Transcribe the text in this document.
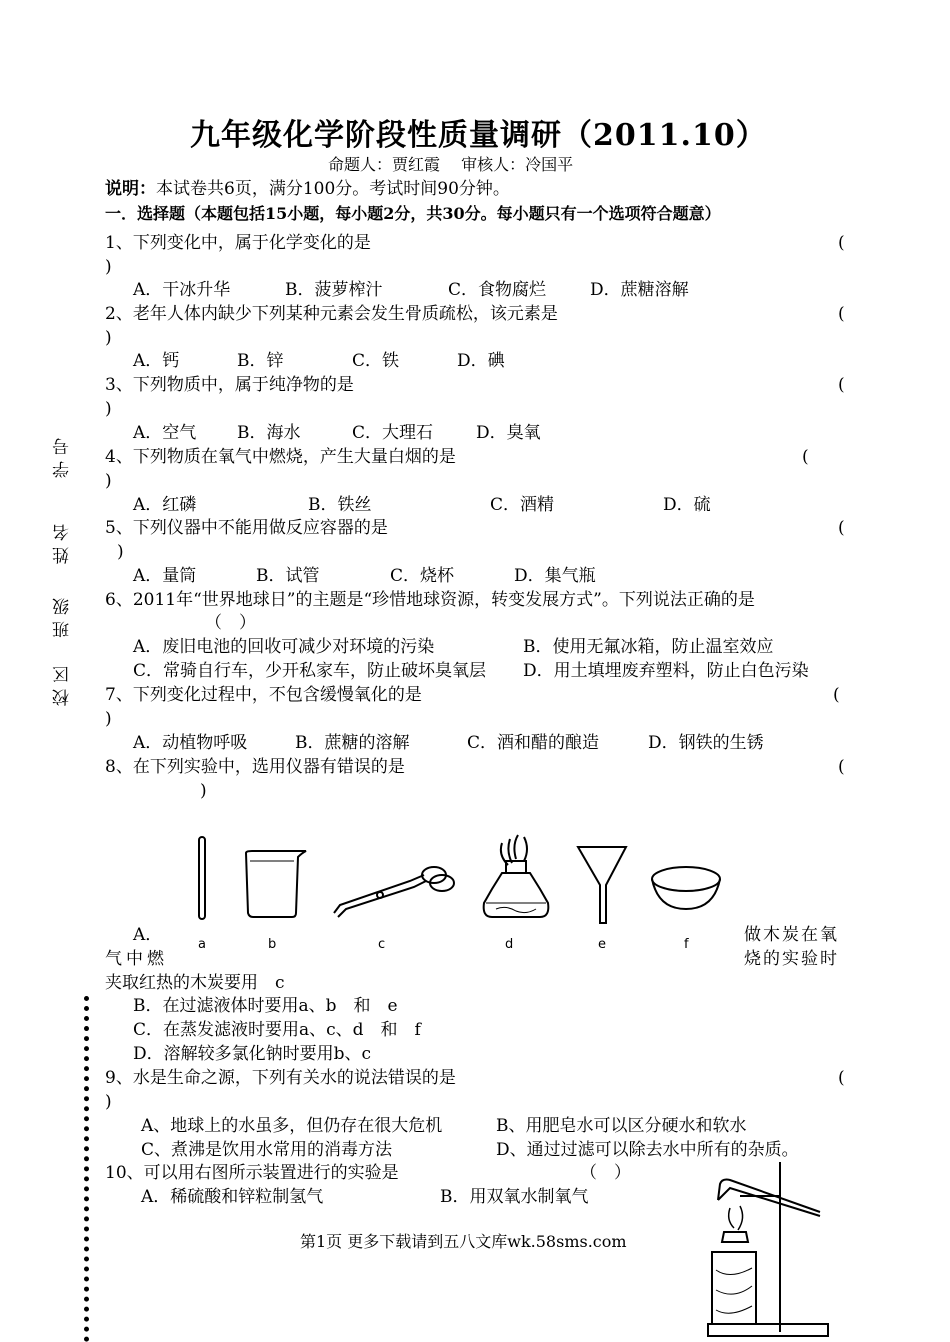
九年级化学阶段性质量调研（2011.10）
命题人：贾红霞　 审核人：冷国平
说明：本试卷共6页，满分100分。考试时间90分钟。
一．选择题（本题包括15小题，每小题2分，共30分。每小题只有一个选项符合题意）
学号
姓名
班级
校区
1、下列变化中，属于化学变化的是	(
)
A．干冰升华	B．菠萝榨汁	C．食物腐烂	D．蔗糖溶解
2、老年人体内缺少下列某种元素会发生骨质疏松，该元素是	(
)
A．钙	B．锌	C．铁	D．碘
3、下列物质中，属于纯净物的是	(
)
A．空气 B．海水	C．大理石	D．臭氧
4、下列物质在氧气中燃烧，产生大量白烟的是	(
)
A．红磷	B．铁丝	C．酒精	D．硫
5、下列仪器中不能用做反应容器的是	(
)
A．量筒	B．试管	C．烧杯	D．集气瓶
6、2011年“世界地球日”的主题是“珍惜地球资源，转变发展方式”。下列说法正确的是
（　）
A．废旧电池的回收可减少对环境的污染	B．使用无氟冰箱，防止温室效应
C．常骑自行车，少开私家车，防止破坏臭氧层 D．用土填埋废弃塑料，防止白色污染
7、下列变化过程中，不包含缓慢氧化的是	(
)
A．动植物呼吸	B．蔗糖的溶解	C．酒和醋的酿造	D．钢铁的生锈
8、在下列实验中，选用仪器有错误的是	(
)
a	b	c	d	e	f
A．	做木炭在氧
气中燃	烧的实验时
夹取红热的木炭要用　c
B．在过滤液体时要用a、b　和　e
C．在蒸发滤液时要用a、c、d　和　f
D．溶解较多氯化钠时要用b、c
9、水是生命之源，下列有关水的说法错误的是	(
)
A、地球上的水虽多，但仍存在很大危机	B、用肥皂水可以区分硬水和软水
C、煮沸是饮用水常用的消毒方法	D、通过过滤可以除去水中所有的杂质。
10、可以用右图所示装置进行的实验是	（　）
A．稀硫酸和锌粒制氢气	B．用双氧水制氧气
第1页 更多下载请到五八文库wk.58sms.com
